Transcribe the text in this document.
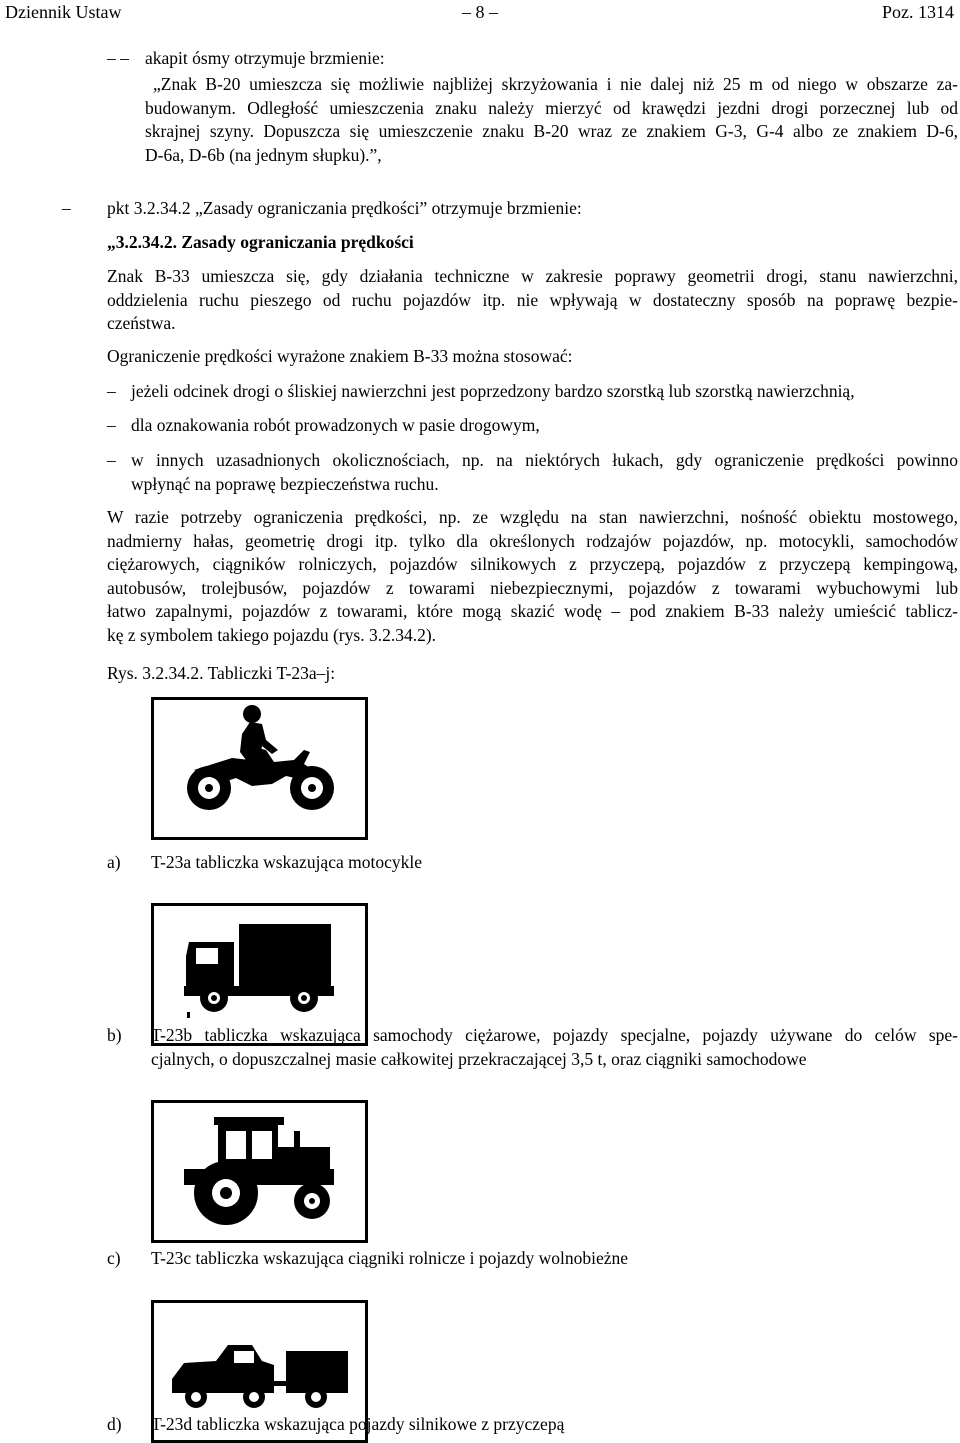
Dziennik Ustaw	– 8 –	Poz. 1314
– – akapit ósmy otrzymuje brzmienie:
„Znak B-20 umieszcza się możliwie najbliżej skrzyżowania i nie dalej niż 25 m od niego w obszarze za-
budowanym. Odległość umieszczenia znaku należy mierzyć od krawędzi jezdni drogi porzecznej lub od
skrajnej szyny. Dopuszcza się umieszczenie znaku B-20 wraz ze znakiem G-3, G-4 albo ze znakiem D-6,
D-6a, D-6b (na jednym słupku).”,
– pkt 3.2.34.2 „Zasady ograniczania prędkości” otrzymuje brzmienie:
„3.2.34.2. Zasady ograniczania prędkości
Znak B-33 umieszcza się, gdy działania techniczne w zakresie poprawy geometrii drogi, stanu nawierzchni,
oddzielenia ruchu pieszego od ruchu pojazdów itp. nie wpływają w dostateczny sposób na poprawę bezpie-
czeństwa.
Ograniczenie prędkości wyrażone znakiem B-33 można stosować:
– jeżeli odcinek drogi o śliskiej nawierzchni jest poprzedzony bardzo szorstką lub szorstką nawierzchnią,
– dla oznakowania robót prowadzonych w pasie drogowym,
– w innych uzasadnionych okolicznościach, np. na niektórych łukach, gdy ograniczenie prędkości powinno
wpłynąć na poprawę bezpieczeństwa ruchu.
W razie potrzeby ograniczenia prędkości, np. ze względu na stan nawierzchni, nośność obiektu mostowego,
nadmierny hałas, geometrię drogi itp. tylko dla określonych rodzajów pojazdów, np. motocykli, samochodów
ciężarowych, ciągników rolniczych, pojazdów silnikowych z przyczepą, pojazdów z przyczepą kempingową,
autobusów, trolejbusów, pojazdów z towarami niebezpiecznymi, pojazdów z towarami wybuchowymi lub
łatwo zapalnymi, pojazdów z towarami, które mogą skazić wodę – pod znakiem B-33 należy umieścić tablicz-
kę z symbolem takiego pojazdu (rys. 3.2.34.2).
Rys. 3.2.34.2. Tabliczki T-23a–j:
a) T-23a tabliczka wskazująca motocykle
b) T-23b tabliczka wskazująca samochody ciężarowe, pojazdy specjalne, pojazdy używane do celów spe-
cjalnych, o dopuszczalnej masie całkowitej przekraczającej 3,5 t, oraz ciągniki samochodowe
c) T-23c tabliczka wskazująca ciągniki rolnicze i pojazdy wolnobieżne
d) T-23d tabliczka wskazująca pojazdy silnikowe z przyczepą
